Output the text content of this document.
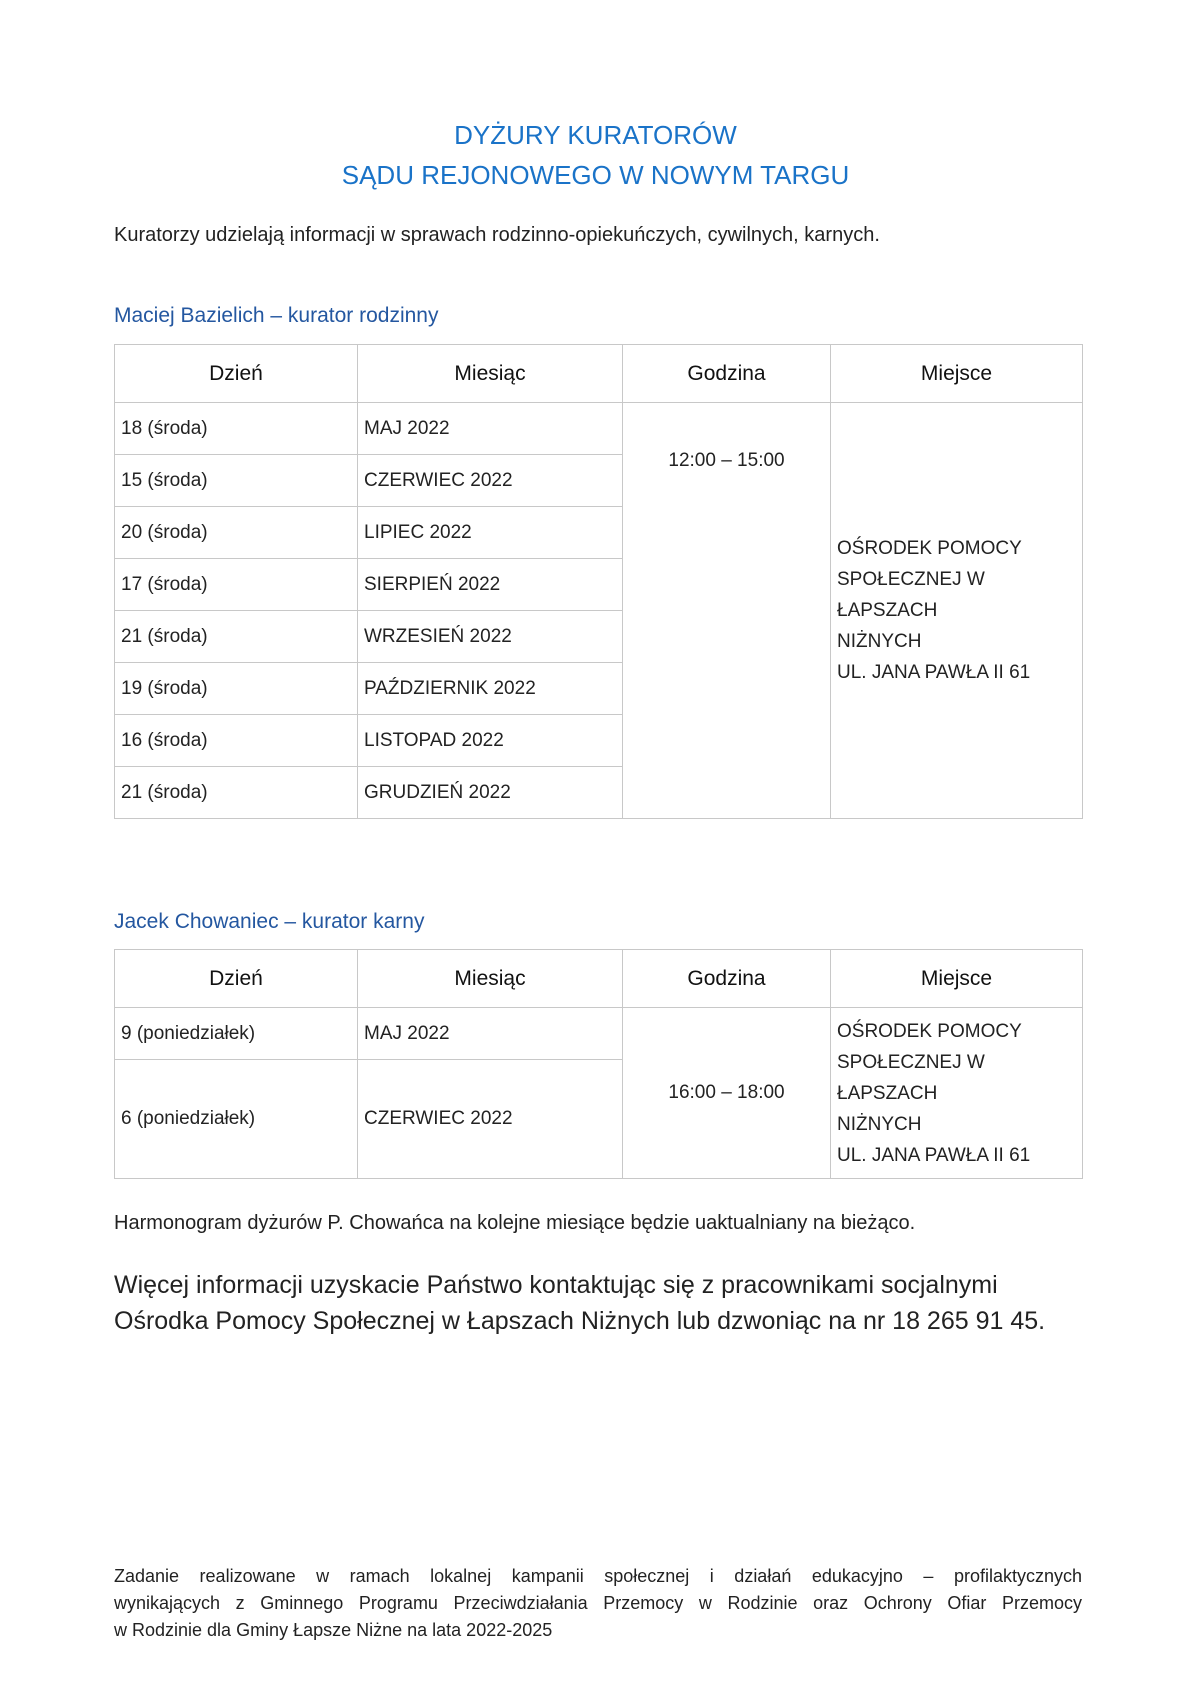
DYŻURY KURATORÓW
SĄDU REJONOWEGO W NOWYM TARGU
Kuratorzy udzielają informacji w sprawach rodzinno-opiekuńczych, cywilnych, karnych.
Maciej Bazielich – kurator rodzinny
Dzień	Miesiąc	Godzina	Miejsce
18 (środa)	MAJ 2022	12:00 – 15:00	OŚRODEK POMOCY
SPOŁECZNEJ W ŁAPSZACH
NIŻNYCH
UL. JANA PAWŁA II 61

15 (środa)	CZERWIEC 2022		
20 (środa)	LIPIEC 2022		
17 (środa)	SIERPIEŃ 2022		
21 (środa)	WRZESIEŃ 2022		
19 (środa)	PAŹDZIERNIK 2022		
16 (środa)	LISTOPAD 2022		
21 (środa)	GRUDZIEŃ 2022		
Jacek Chowaniec – kurator karny
Dzień	Miesiąc	Godzina	Miejsce
9 (poniedziałek)	MAJ 2022	16:00 – 18:00	OŚRODEK POMOCY
SPOŁECZNEJ W ŁAPSZACH
NIŻNYCH
UL. JANA PAWŁA II 61

6 (poniedziałek)	CZERWIEC 2022		
Harmonogram dyżurów P. Chowańca na kolejne miesiące będzie uaktualniany na bieżąco.
Więcej informacji uzyskacie Państwo kontaktując się z pracownikami socjalnymi
Ośrodka Pomocy Społecznej w Łapszach Niżnych lub dzwoniąc na nr 18 265 91 45.
Zadanie realizowane w ramach lokalnej kampanii społecznej i działań edukacyjno – profilaktycznych
wynikających z Gminnego Programu Przeciwdziałania Przemocy w Rodzinie oraz Ochrony Ofiar Przemocy
w Rodzinie dla Gminy Łapsze Niżne na lata 2022-2025
